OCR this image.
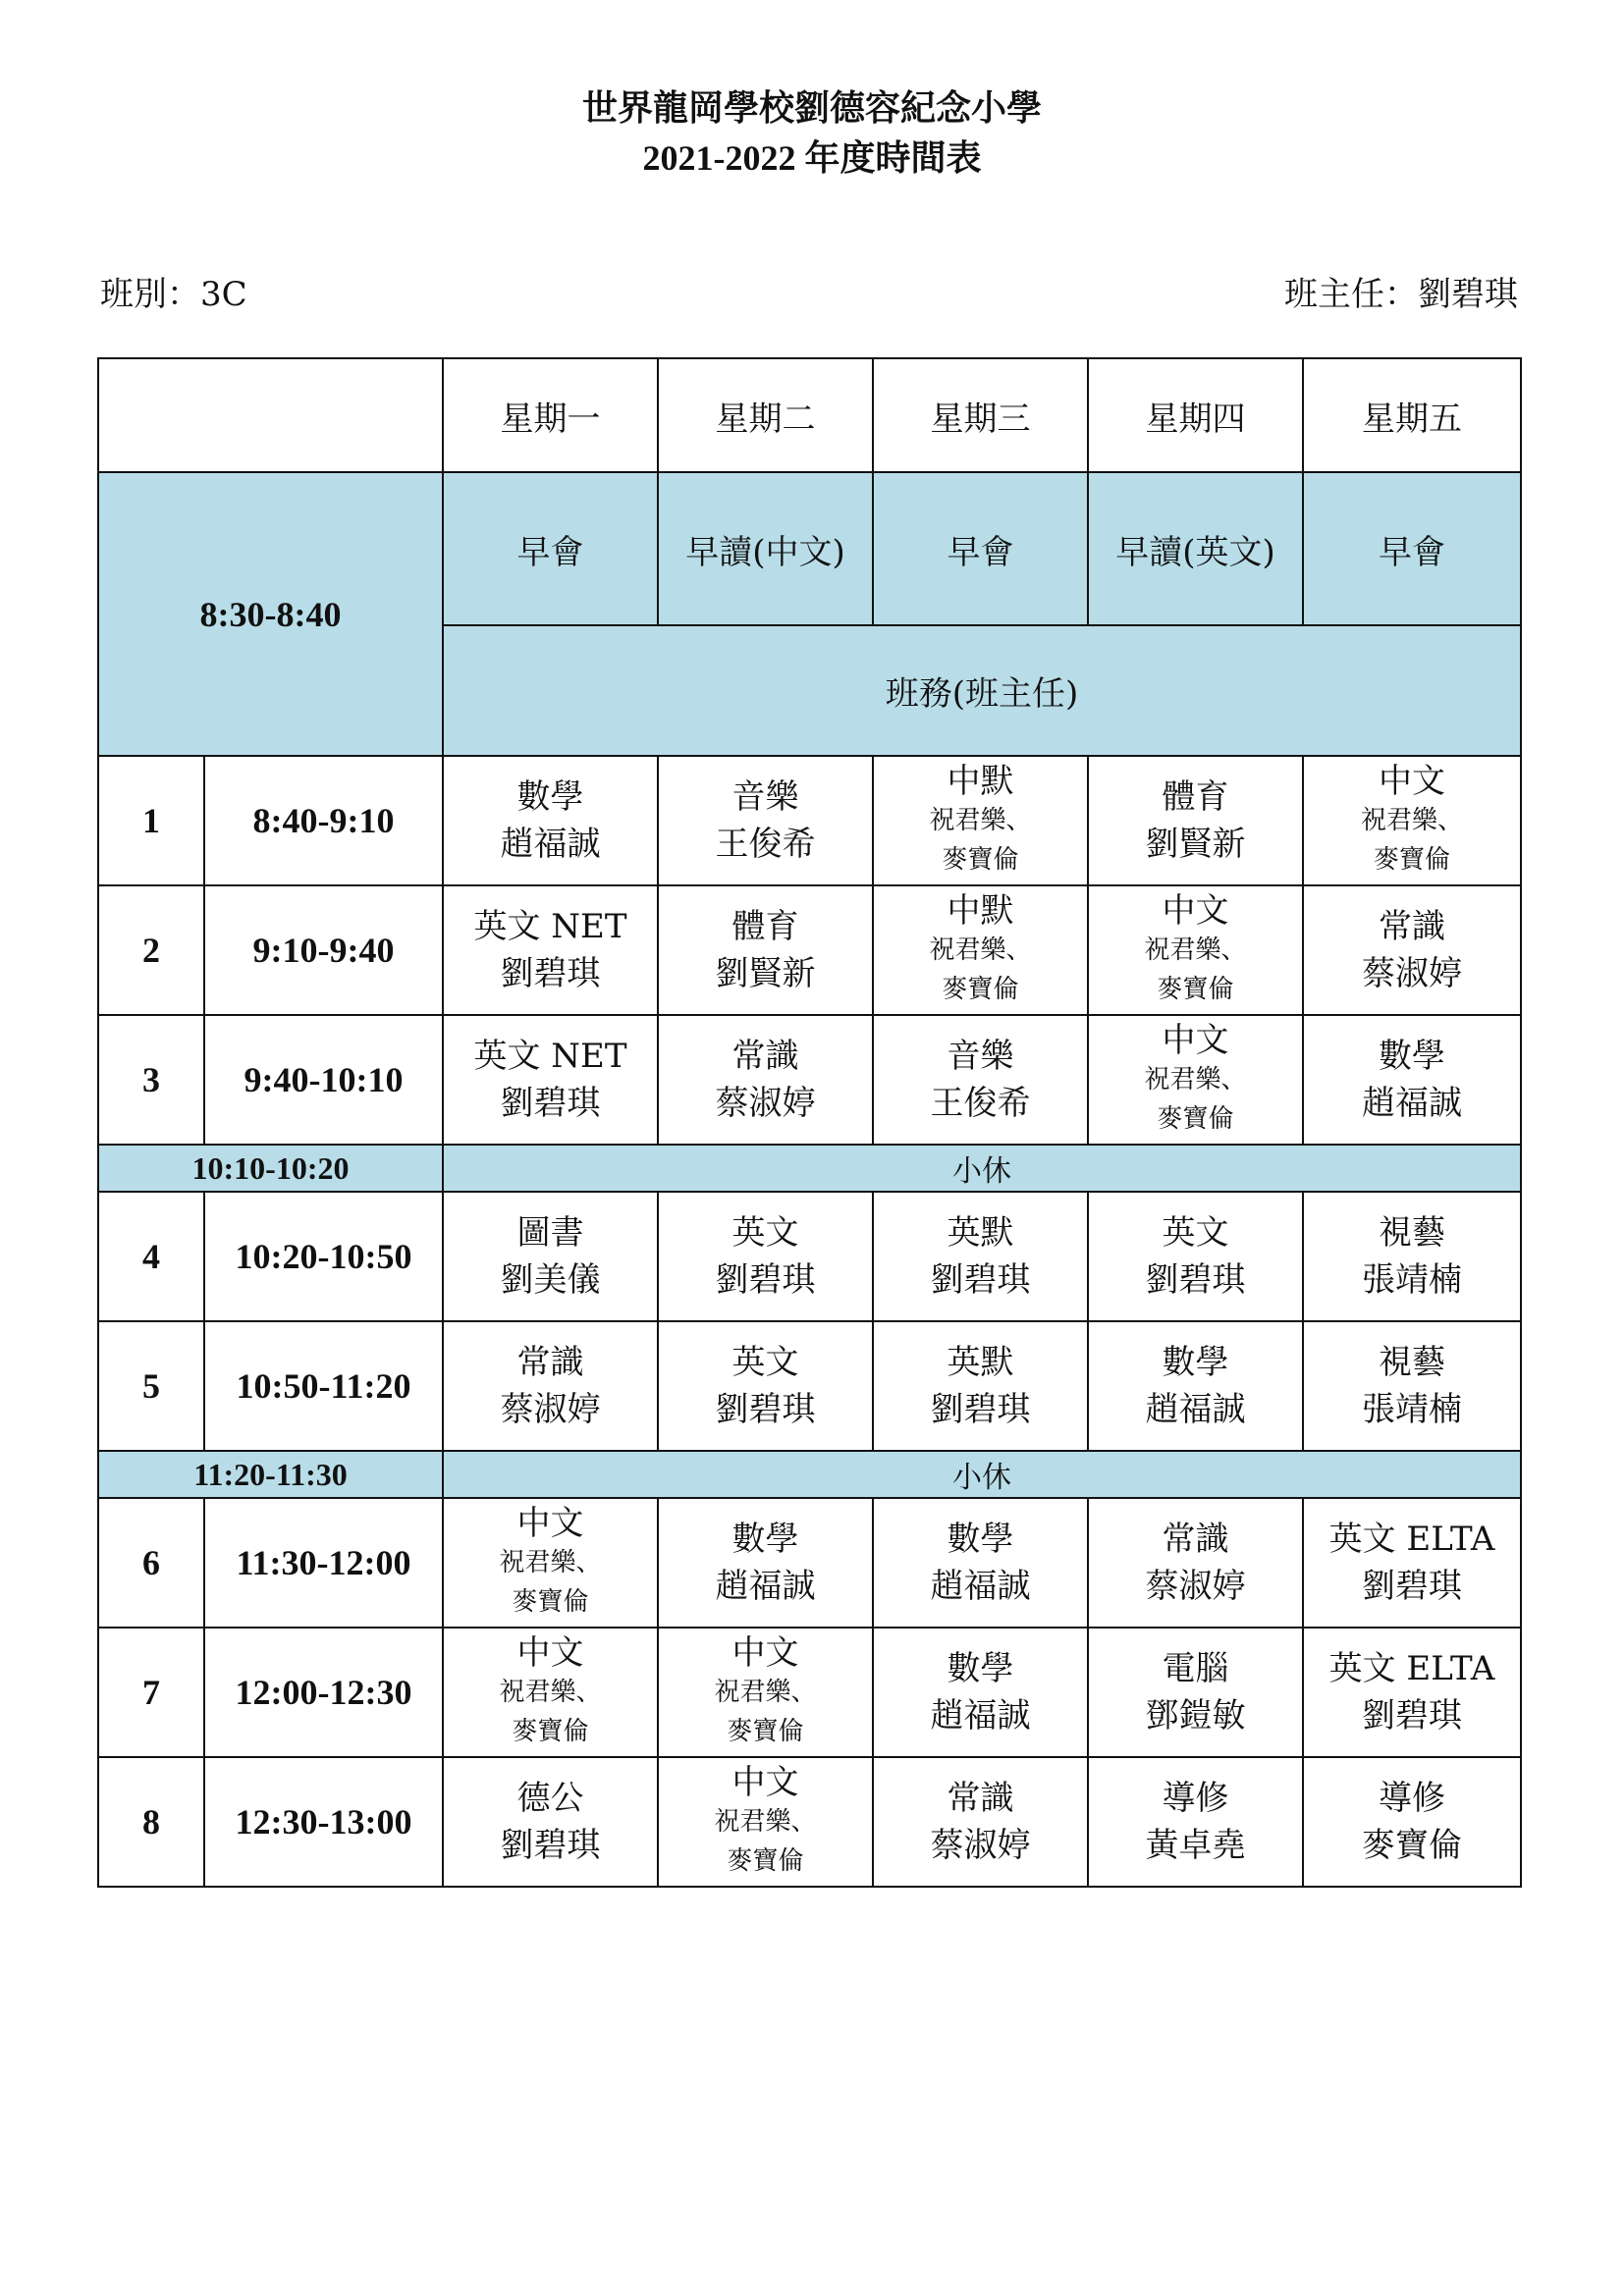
世界龍岡學校劉德容紀念小學
2021-2022 年度時間表
班別：3C	班主任：劉碧琪
		星期一	星期二	星期三	星期四	星期五
8:30-8:40		早會	早讀(中文)	早會	早讀(英文)	早會
		班務(班主任)				
1	8:40-9:10	數學
趙福誠	音樂
王俊希	中默
祝君樂、
麥寶倫	體育
劉賢新	中文
祝君樂、
麥寶倫

2	9:10-9:40	英文 NET
劉碧琪	體育
劉賢新	中默
祝君樂、
麥寶倫	中文
祝君樂、
麥寶倫	常識
蔡淑婷

3	9:40-10:10	英文 NET
劉碧琪	常識
蔡淑婷	音樂
王俊希	中文
祝君樂、
麥寶倫	數學
趙福誠

10:10-10:20		小休				
4	10:20-10:50	圖書
劉美儀	英文
劉碧琪	英默
劉碧琪	英文
劉碧琪	視藝
張靖楠

5	10:50-11:20	常識
蔡淑婷	英文
劉碧琪	英默
劉碧琪	數學
趙福誠	視藝
張靖楠

11:20-11:30		小休				
6	11:30-12:00	中文
祝君樂、
麥寶倫	數學
趙福誠	數學
趙福誠	常識
蔡淑婷	英文 ELTA
劉碧琪

7	12:00-12:30	中文
祝君樂、
麥寶倫	中文
祝君樂、
麥寶倫	數學
趙福誠	電腦
鄧鎧敏	英文 ELTA
劉碧琪

8	12:30-13:00	德公
劉碧琪	中文
祝君樂、
麥寶倫	常識
蔡淑婷	導修
黃卓堯	導修
麥寶倫
